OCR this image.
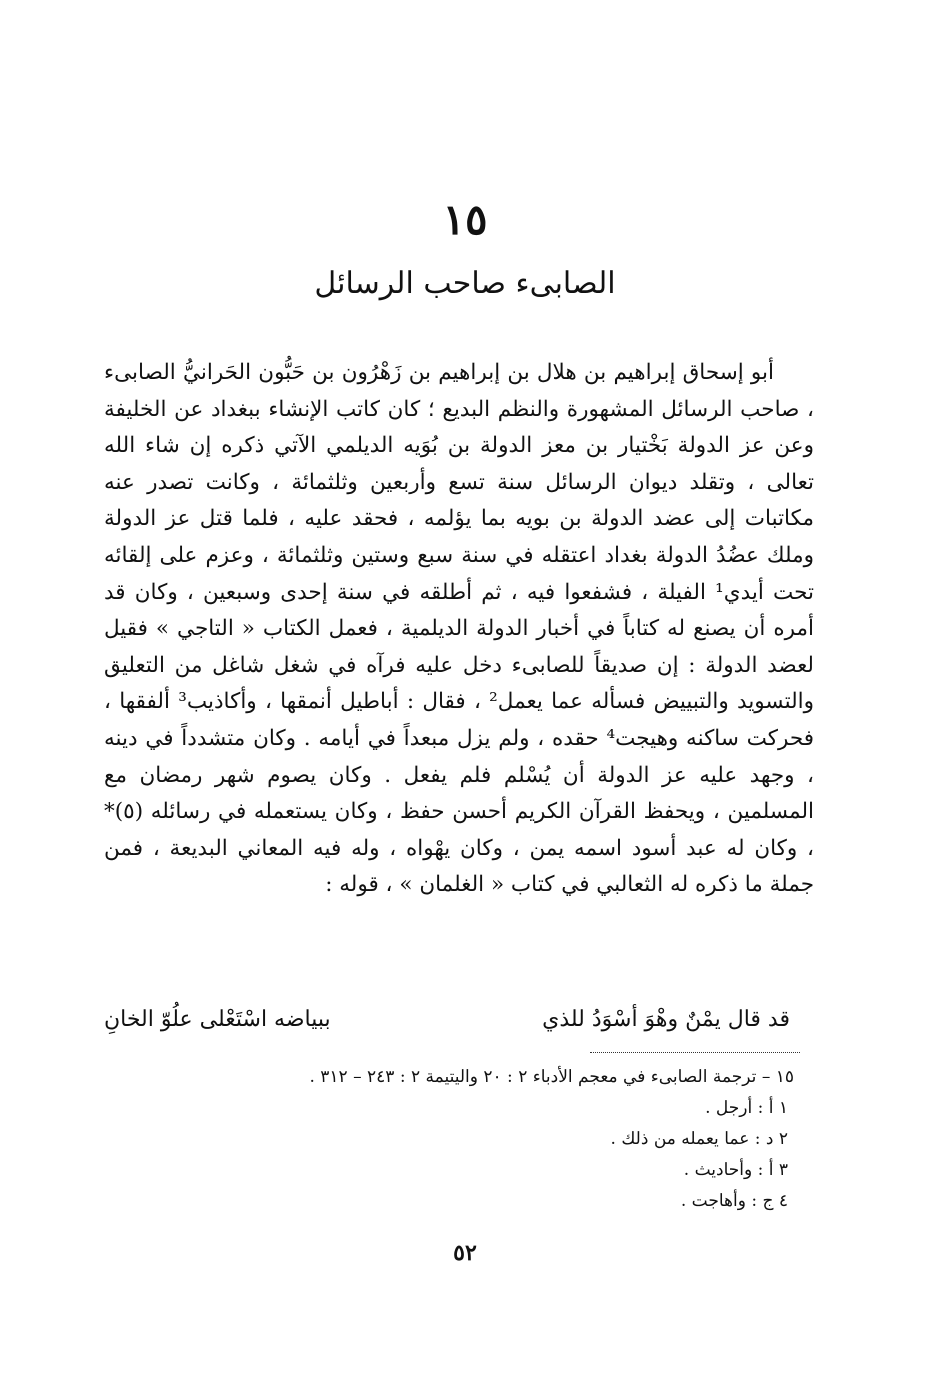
١٥
الصابىء صاحب الرسائل

أبو إسحاق إبراهيم بن هلال بن إبراهيم بن زَهْرُون بن حَبُّون الحَرانيُّ الصابىء ، صاحب الرسائل المشهورة والنظم البديع ؛ كان كاتب الإنشاء ببغداد عن الخليفة وعن عز الدولة بَخْتيار بن معز الدولة بن بُوَيه الديلمي الآتي ذكره إن شاء الله تعالى ، وتقلد ديوان الرسائل سنة تسع وأربعين وثلثمائة ، وكانت تصدر عنه مكاتبات إلى عضد الدولة بن بويه بما يؤلمه ، فحقد عليه ، فلما قتل عز الدولة وملك عضُدُ الدولة بغداد اعتقله في سنة سبع وستين وثلثمائة ، وعزم على إلقائه تحت أيدي¹ الفيلة ، فشفعوا فيه ، ثم أطلقه في سنة إحدى وسبعين ، وكان قد أمره أن يصنع له كتاباً في أخبار الدولة الديلمية ، فعمل الكتاب « التاجي » فقيل لعضد الدولة : إن صديقاً للصابىء دخل عليه فرآه في شغل شاغل من التعليق والتسويد والتبييض فسأله عما يعمل² ، فقال : أباطيل أنمقها ، وأكاذيب³ ألفقها ، فحركت ساكنه وهيجت⁴ حقده ، ولم يزل مبعداً في أيامه . وكان متشدداً في دينه ، وجهد عليه عز الدولة أن يُسْلم فلم يفعل . وكان يصوم شهر رمضان مع المسلمين ، ويحفظ القرآن الكريم أحسن حفظ ، وكان يستعمله في رسائله (٥)* ، وكان له عبد أسود اسمه يمن ، وكان يهْواه ، وله فيه المعاني البديعة ، فمن جملة ما ذكره له الثعالبي في كتاب « الغلمان » ، قوله :

قد قال يمْنٌ وهْوَ أسْوَدُ للذي
ببياضه اسْتَعْلى علُوّ الخانِ
١٥ – ترجمة الصابىء في معجم الأدباء ٢ : ٢٠ واليتيمة ٢ : ٢٤٣ – ٣١٢ .
١ أ : أرجل .
٢ د : عما يعمله من ذلك .
٣ أ : وأحاديث .
٤ ج : وأهاجت .
٥٢
